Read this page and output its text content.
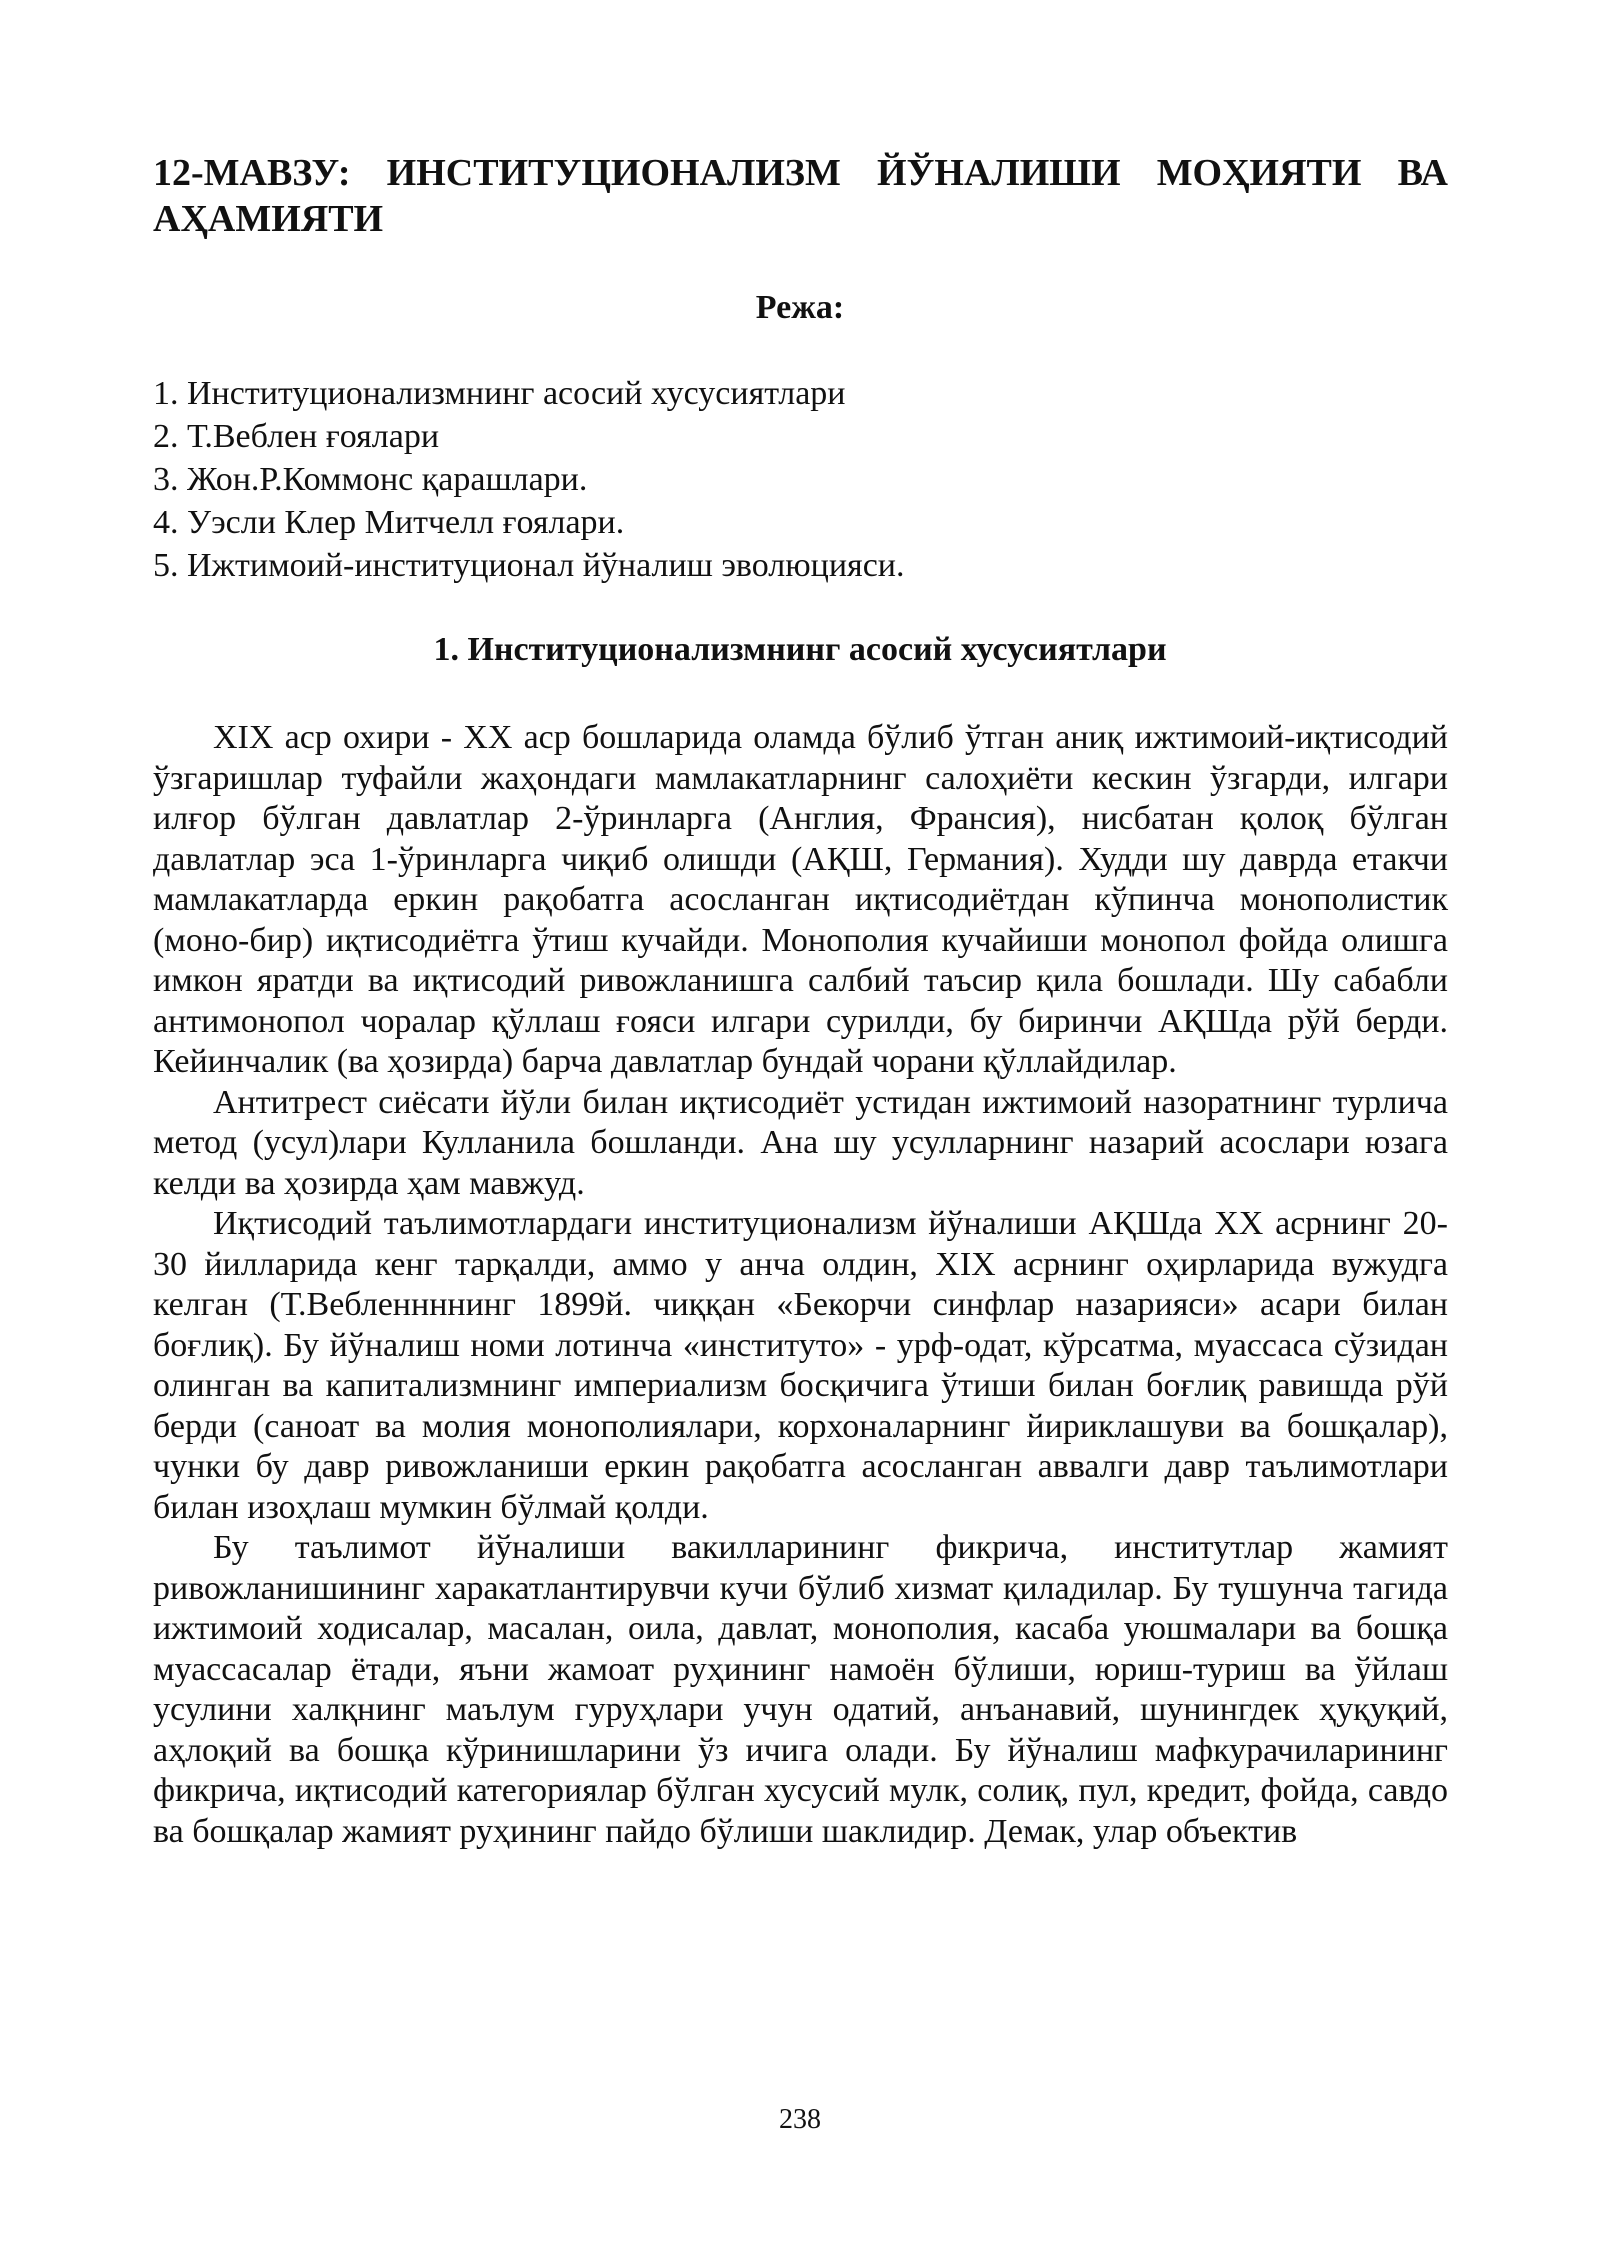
12-МАВЗУ: ИНСТИТУЦИОНАЛИЗМ ЙЎНАЛИШИ МОҲИЯТИ ВА АҲАМИЯТИ
Режа:
1. Институционализмнинг асосий хусусиятлари
2. Т.Веблен ғоялари
3. Жон.Р.Коммонс қарашлари.
4. Уэсли Клер Митчелл ғоялари.
5. Ижтимоий-институционал йўналиш эволюцияси.
1. Институционализмнинг асосий хусусиятлари

XIX аср охири - XX аср бошларида оламда бўлиб ўтган аниқ ижтимоий-иқтисодий ўзгаришлар туфайли жаҳондаги мамлакатларнинг салоҳиёти кескин ўзгарди, илгари илғор бўлган давлатлар 2-ўринларга (Англия, Франсия), нисбатан қолоқ бўлган давлатлар эса 1-ўринларга чиқиб олишди (АҚШ, Германия). Худди шу даврда етакчи мамлакатларда еркин рақобатга асосланган иқтисодиётдан кўпинча монополистик (моно-бир) иқтисодиётга ўтиш кучайди. Монополия кучайиши монопол фойда олишга имкон яратди ва иқтисодий ривожланишга салбий таъсир қила бошлади. Шу сабабли антимонопол чоралар қўллаш ғояси илгари сурилди, бу биринчи АҚШда рўй берди. Кейинчалик (ва ҳозирда) барча давлатлар бундай чорани қўллайдилар.

Антитрест сиёсати йўли билан иқтисодиёт устидан ижтимоий назоратнинг турлича метод (усул)лари Кулланила бошланди. Ана шу усулларнинг назарий асослари юзага келди ва ҳозирда ҳам мавжуд.

Иқтисодий таълимотлардаги институционализм йўналиши АҚШда XX асрнинг 20-30 йилларида кенг тарқалди, аммо у анча олдин, XIX асрнинг оҳирларида вужудга келган (Т.Вебленнннинг 1899й. чиққан «Бекорчи синфлар назарияси» асари билан боғлиқ). Бу йўналиш номи лотинча «институто» - урф-одат, кўрсатма, муассаса сўзидан олинган ва капитализмнинг империализм босқичига ўтиши билан боғлиқ равишда рўй берди (саноат ва молия монополиялари, корхоналарнинг йириклашуви ва бошқалар), чунки бу давр ривожланиши еркин рақобатга асосланган аввалги давр таълимотлари билан изоҳлаш мумкин бўлмай қолди.

Бу таълимот йўналиши вакилларининг фикрича, институтлар жамият ривожланишининг харакатлантирувчи кучи бўлиб хизмат қиладилар. Бу тушунча тагида ижтимоий ходисалар, масалан, оила, давлат, монополия, касаба уюшмалари ва бошқа муассасалар ётади, яъни жамоат руҳининг намоён бўлиши, юриш-туриш ва ўйлаш усулини халқнинг маълум гуруҳлари учун одатий, анъанавий, шунингдек ҳуқуқий, аҳлоқий ва бошқа кўринишларини ўз ичига олади. Бу йўналиш мафкурачиларининг фикрича, иқтисодий категориялар бўлган хусусий мулк, солиқ, пул, кредит, фойда, савдо ва бошқалар жамият руҳининг пайдо бўлиши шаклидир. Демак, улар объектив

238
